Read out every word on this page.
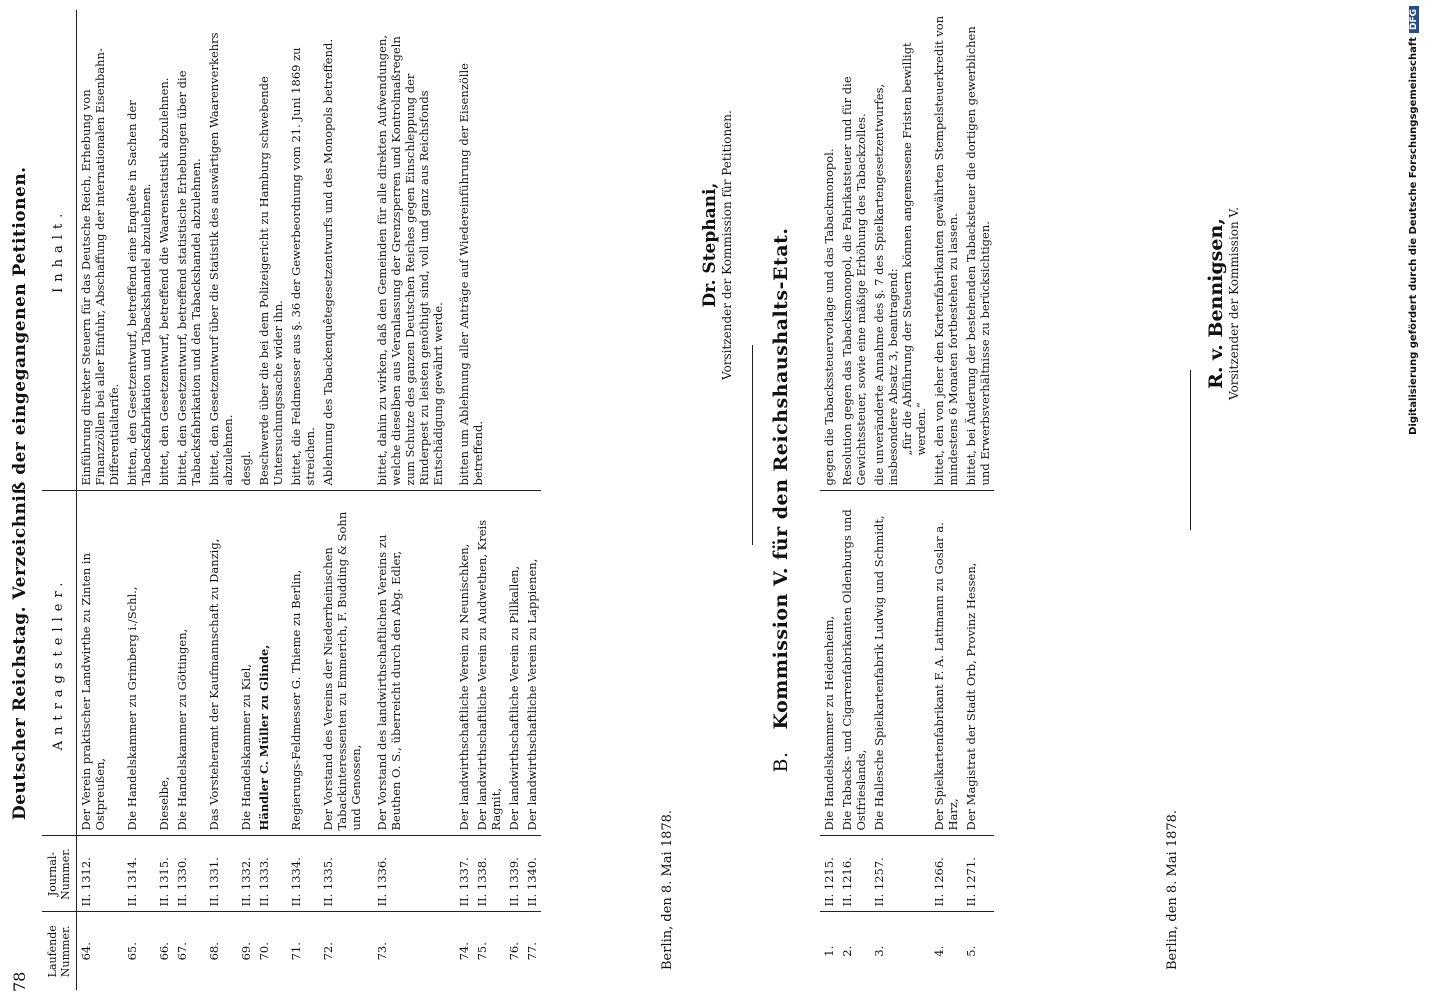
78
Deutscher Reichstag. Verzeichniß der eingegangenen Petitionen.
Laufende Nummer.	Journal-Nummer.	Antragsteller.	Inhalt.
64.	II. 1312.	Der Verein praktischer Landwirthe zu Zinten in Ostpreußen,	Einführung direkter Steuern für das Deutsche Reich, Erhebung von Finanzzöllen bei aller Einfuhr, Abschaffung der internationalen Eisenbahn-Differentialtarife.
65.	II. 1314.	Die Handelskammer zu Grimberg i./Schl.,	bitten, den Gesetzentwurf, betreffend eine Enquête in Sachen der Tabacksfabrikation und Tabackshandel abzulehnen.
66.	II. 1315.	Dieselbe,	bittet, den Gesetzentwurf, betreffend die Waarenstatistik abzulehnen.
67.	II. 1330.	Die Handelskammer zu Göttingen,	bittet, den Gesetzentwurf, betreffend statistische Erhebungen über die Tabacksfabrikation und den Tabackshandel abzulehnen.
68.	II. 1331.	Das Vorsteheramt der Kaufmannschaft zu Danzig,	bittet, den Gesetzentwurf über die Statistik des auswärtigen Waarenverkehrs abzulehnen.
69.	II. 1332.	Die Handelskammer zu Kiel,	desgl.
70.	II. 1333.	Händler C. Müller zu Glinde,	Beschwerde über die bei dem Polizeigericht zu Hamburg schwebende Untersuchungssache wider ihn.
71.	II. 1334.	Regierungs-Feldmesser G. Thieme zu Berlin,	bittet, die Feldmesser aus §. 36 der Gewerbeordnung vom 21. Juni 1869 zu streichen.
72.	II. 1335.	Der Vorstand des Vereins der Niederrheinischen Tabackinteressenten zu Emmerich, F. Budding & Sohn und Genossen,	Ablehnung des Tabackenquêtegesetzentwurfs und des Monopols betreffend.
73.	II. 1336.	Der Vorstand des landwirthschaftlichen Vereins zu Beuthen O. S., überreicht durch den Abg. Edler,	bittet, dahin zu wirken, daß den Gemeinden für alle direkten Aufwendungen, welche dieselben aus Veranlassung der Grenzsperren und Kontrolmaßregeln zum Schutze des ganzen Deutschen Reiches gegen Einschleppung der Rinderpest zu leisten genöthigt sind, voll und ganz aus Reichsfonds Entschädigung gewährt werde.
74.	II. 1337.	Der landwirthschaftliche Verein zu Neunischken,	bitten um Ablehnung aller Anträge auf Wiedereinführung der Eisenzölle betreffend.
75.	II. 1338.	Der landwirthschaftliche Verein zu Audwethen, Kreis Ragnit,	
76.	II. 1339.	Der landwirthschaftliche Verein zu Pillkallen,	
77.	II. 1340.	Der landwirthschaftliche Verein zu Lappienen,	
Berlin, den 8. Mai 1878.
Dr. Stephani, Vorsitzender der Kommission für Petitionen.
B.Kommission V. für den Reichshaushalts-Etat.
1.	II. 1215.	Die Handelskammer zu Heidenheim,	gegen die Tabackssteuervorlage und das Tabackmonopol.
2.	II. 1216.	Die Tabacks- und Cigarrenfabrikanten Oldenburgs und Ostfrieslands,	Resolution gegen das Tabacksmonopol, die Fabrikatsteuer und für die Gewichtssteuer, sowie eine mäßige Erhöhung des Tabackzolles.
3.	II. 1257.	Die Hallesche Spielkartenfabrik Ludwig und Schmidt,	die unveränderte Annahme des §. 7 des Spielkartengesetzentwurfes, insbesondere Absatz 3, beantragend: „für die Abführung der Steuern können angemessene Fristen bewilligt werden.“

4.	II. 1266.	Der Spielkartenfabrikant F. A. Lattmann zu Goslar a. Harz,	bittet, den von jeher den Kartenfabrikanten gewährten Stempelsteuerkredit von mindestens 6 Monaten fortbestehen zu lassen.
5.	II. 1271.	Der Magistrat der Stadt Orb, Provinz Hessen,	bittet, bei Änderung der bestehenden Tabacksteuer die dortigen gewerblichen und Erwerbsverhältnisse zu berücksichtigen.
Berlin, den 8. Mai 1878.
R. v. Bennigsen, Vorsitzender der Kommission V.	Digitalisierung gefördert durch die Deutsche ForschungsgemeinschaftDFG
